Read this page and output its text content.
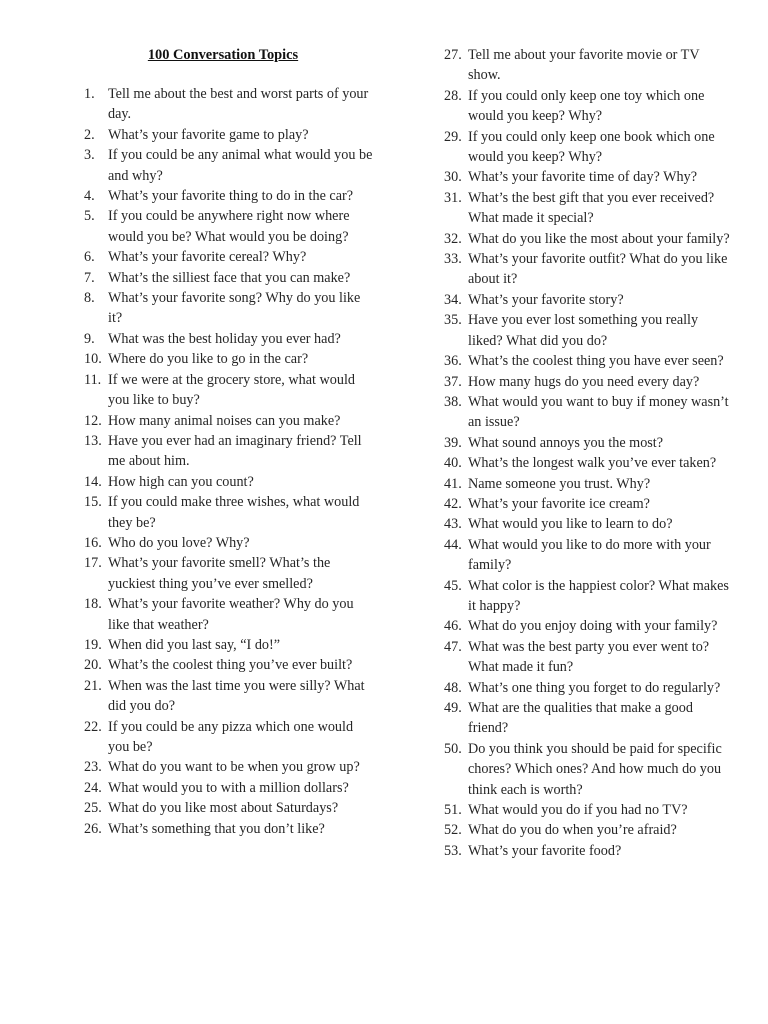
100 Conversation Topics
1. Tell me about the best and worst parts of your day.
2. What’s your favorite game to play?
3. If you could be any animal what would you be and why?
4. What’s your favorite thing to do in the car?
5. If you could be anywhere right now where would you be? What would you be doing?
6. What’s your favorite cereal? Why?
7. What’s the silliest face that you can make?
8. What’s your favorite song? Why do you like it?
9. What was the best holiday you ever had?
10. Where do you like to go in the car?
11. If we were at the grocery store, what would you like to buy?
12. How many animal noises can you make?
13. Have you ever had an imaginary friend? Tell me about him.
14. How high can you count?
15. If you could make three wishes, what would they be?
16. Who do you love? Why?
17. What’s your favorite smell? What’s the yuckiest thing you’ve ever smelled?
18. What’s your favorite weather? Why do you like that weather?
19. When did you last say, “I do!”
20. What’s the coolest thing you’ve ever built?
21. When was the last time you were silly? What did you do?
22. If you could be any pizza which one would you be?
23. What do you want to be when you grow up?
24. What would you to with a million dollars?
25. What do you like most about Saturdays?
26. What’s something that you don’t like?
27. Tell me about your favorite movie or TV show.
28. If you could only keep one toy which one would you keep? Why?
29. If you could only keep one book which one would you keep? Why?
30. What’s your favorite time of day? Why?
31. What’s the best gift that you ever received? What made it special?
32. What do you like the most about your family?
33. What’s your favorite outfit? What do you like about it?
34. What’s your favorite story?
35. Have you ever lost something you really liked? What did you do?
36. What’s the coolest thing you have ever seen?
37. How many hugs do you need every day?
38. What would you want to buy if money wasn’t an issue?
39. What sound annoys you the most?
40. What’s the longest walk you’ve ever taken?
41. Name someone you trust. Why?
42. What’s your favorite ice cream?
43. What would you like to learn to do?
44. What would you like to do more with your family?
45. What color is the happiest color? What makes it happy?
46. What do you enjoy doing with your family?
47. What was the best party you ever went to? What made it fun?
48. What’s one thing you forget to do regularly?
49. What are the qualities that make a good friend?
50. Do you think you should be paid for specific chores? Which ones? And how much do you think each is worth?
51. What would you do if you had no TV?
52. What do you do when you’re afraid?
53. What’s your favorite food?
